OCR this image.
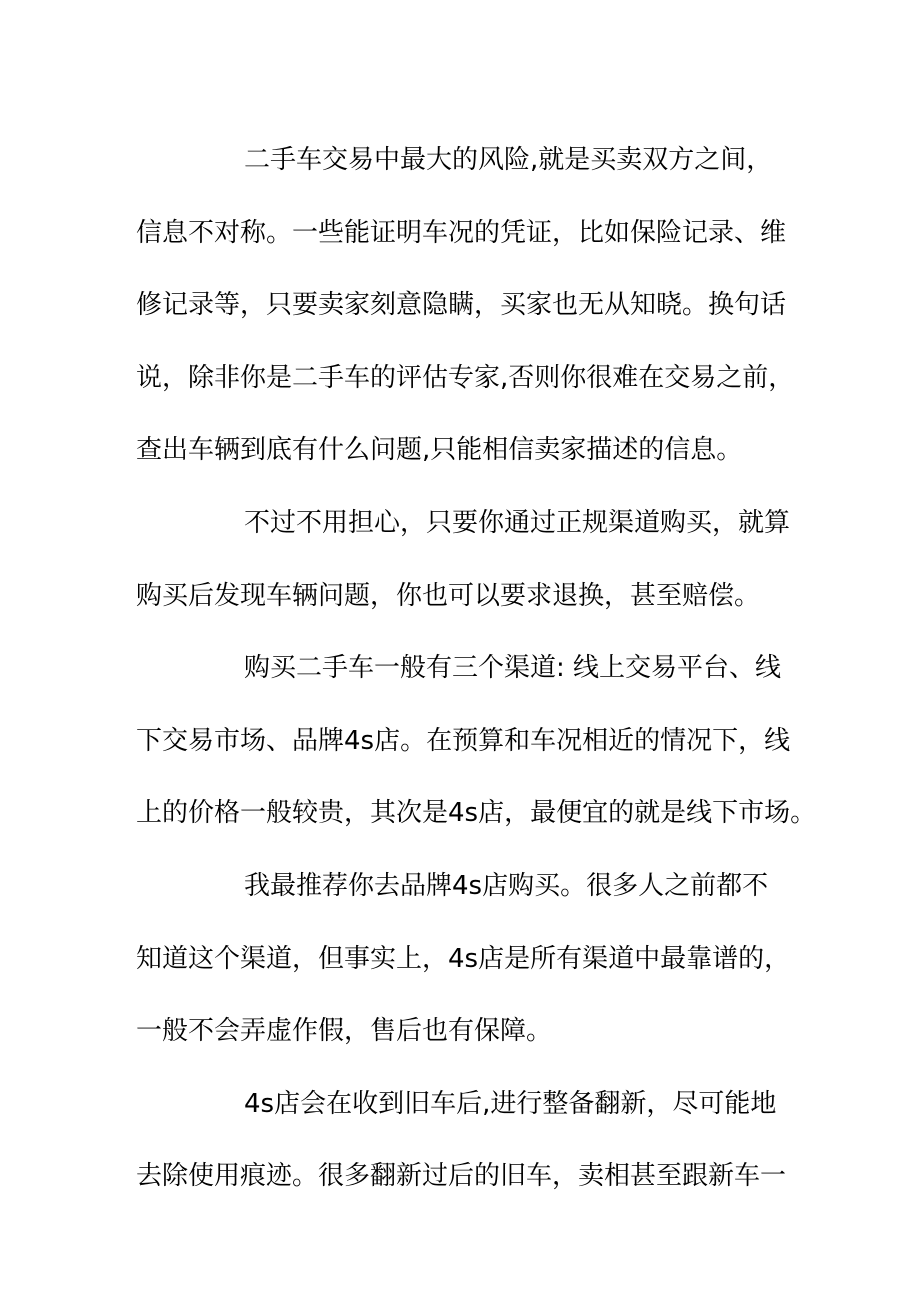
二手车交易中最大的风险,就是买卖双方之间，
信息不对称。一些能证明车况的凭证，比如保险记录、维
修记录等，只要卖家刻意隐瞒，买家也无从知晓。换句话
说，除非你是二手车的评估专家,否则你很难在交易之前，
查出车辆到底有什么问题,只能相信卖家描述的信息。
不过不用担心，只要你通过正规渠道购买，就算
购买后发现车辆问题，你也可以要求退换，甚至赔偿。
购买二手车一般有三个渠道: 线上交易平台、线
下交易市场、品牌4s店。在预算和车况相近的情况下，线
上的价格一般较贵，其次是4s店，最便宜的就是线下市场。
我最推荐你去品牌4s店购买。很多人之前都不
知道这个渠道，但事实上，4s店是所有渠道中最靠谱的，
一般不会弄虚作假，售后也有保障。
4s店会在收到旧车后,进行整备翻新，尽可能地
去除使用痕迹。很多翻新过后的旧车，卖相甚至跟新车一
